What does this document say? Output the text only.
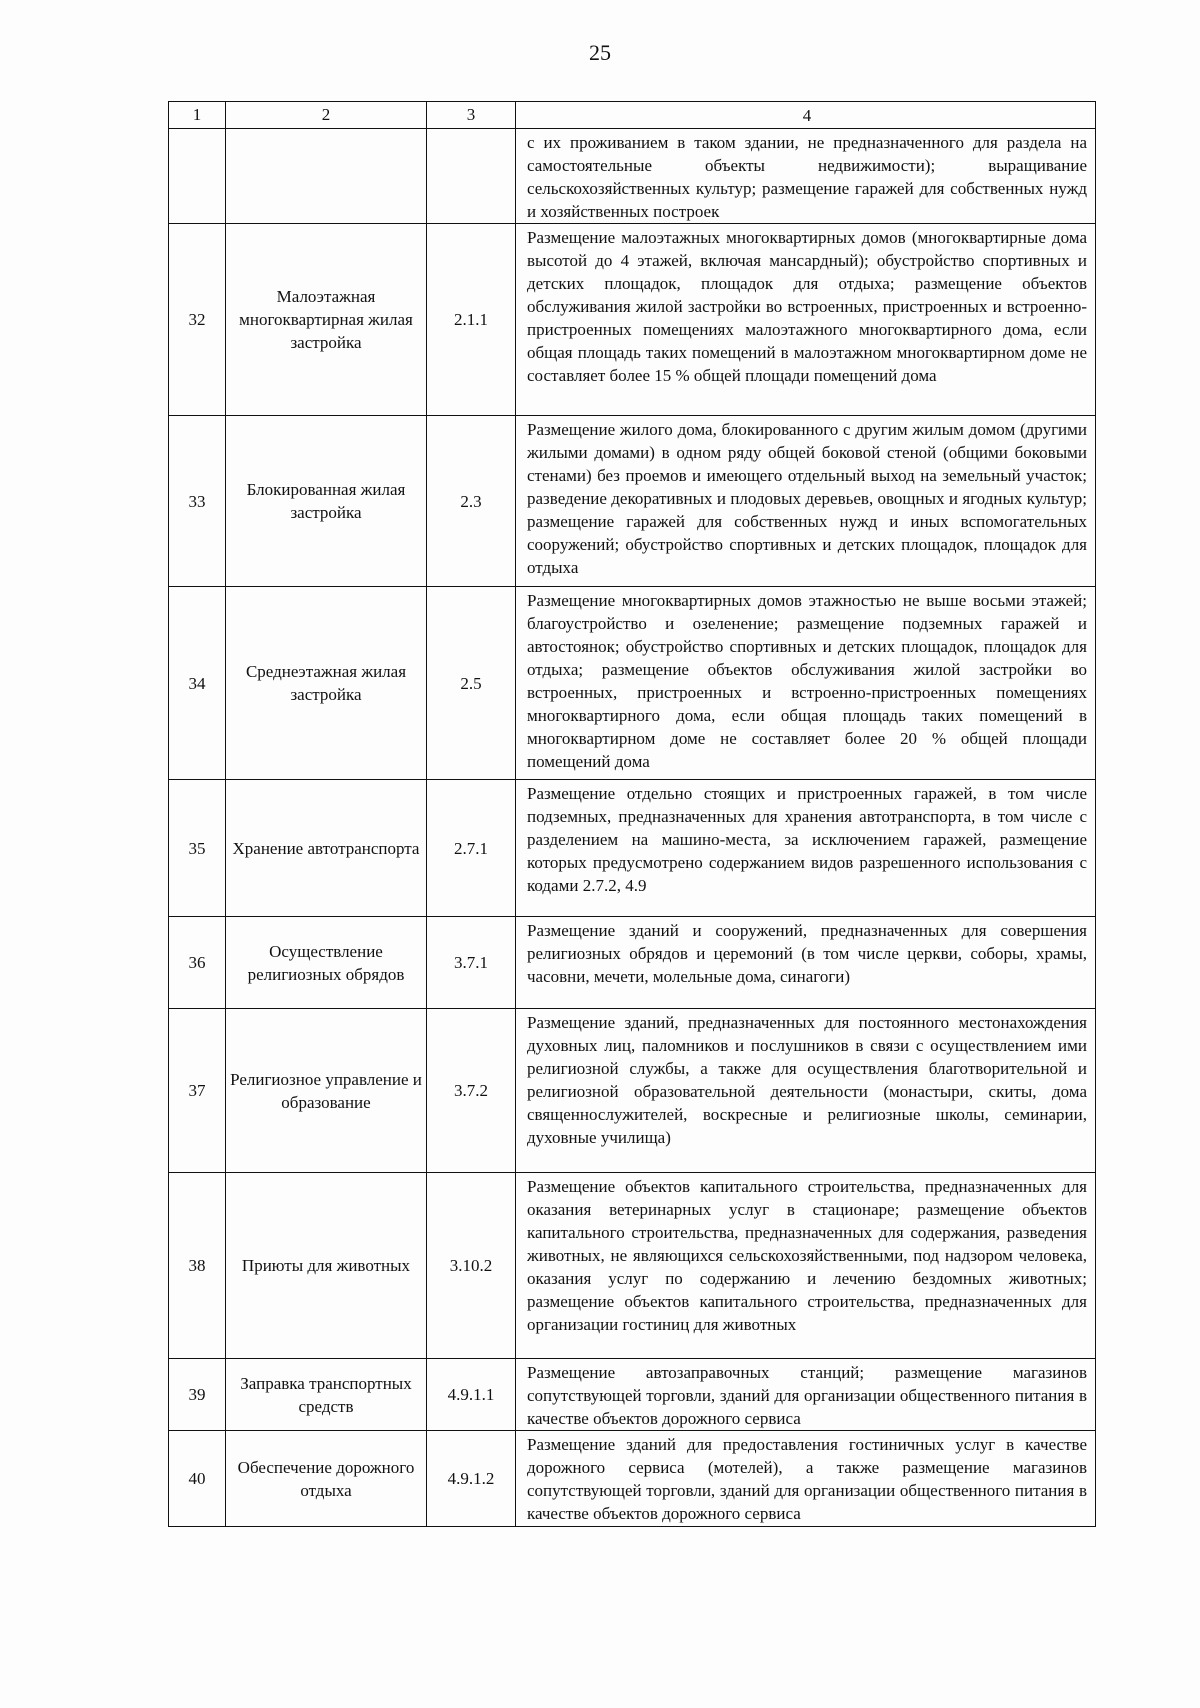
25
1	2	3	4
			с их проживанием в таком здании, не предназначенного для раздела на самостоятельные объекты недвижимости); выращивание сельскохозяйственных культур; размещение гаражей для собственных нужд и хозяйственных построек
32	Малоэтажная многоквартирная жилая застройка	2.1.1	Размещение малоэтажных многоквартирных домов (многоквартирные дома высотой до 4 этажей, включая мансардный); обустройство спортивных и детских площадок, площадок для отдыха; размещение объектов обслуживания жилой застройки во встроенных, пристроенных и встроенно-пристроенных помещениях малоэтажного многоквартирного дома, если общая площадь таких помещений в малоэтажном многоквартирном доме не составляет более 15 % общей площади помещений дома
33	Блокированная жилая застройка	2.3	Размещение жилого дома, блокированного с другим жилым домом (другими жилыми домами) в одном ряду общей боковой стеной (общими боковыми стенами) без проемов и имеющего отдельный выход на земельный участок; разведение декоративных и плодовых деревьев, овощных и ягодных культур; размещение гаражей для собственных нужд и иных вспомогательных сооружений; обустройство спортивных и детских площадок, площадок для отдыха
34	Среднеэтажная жилая застройка	2.5	Размещение многоквартирных домов этажностью не выше восьми этажей; благоустройство и озеленение; размещение подземных гаражей и автостоянок; обустройство спортивных и детских площадок, площадок для отдыха; размещение объектов обслуживания жилой застройки во встроенных, пристроенных и встроенно-пристроенных помещениях многоквартирного дома, если общая площадь таких помещений в многоквартирном доме не составляет более 20 % общей площади помещений дома
35	Хранение автотранспорта	2.7.1	Размещение отдельно стоящих и пристроенных гаражей, в том числе подземных, предназначенных для хранения автотранспорта, в том числе с разделением на машино-места, за исключением гаражей, размещение которых предусмотрено содержанием видов разрешенного использования с кодами 2.7.2, 4.9
36	Осуществление религиозных обрядов	3.7.1	Размещение зданий и сооружений, предназначенных для совершения религиозных обрядов и церемоний (в том числе церкви, соборы, храмы, часовни, мечети, молельные дома, синагоги)
37	Религиозное управление и образование	3.7.2	Размещение зданий, предназначенных для постоянного местонахождения духовных лиц, паломников и послушников в связи с осуществлением ими религиозной службы, а также для осуществления благотворительной и религиозной образовательной деятельности (монастыри, скиты, дома священнослужителей, воскресные и религиозные школы, семинарии, духовные училища)
38	Приюты для животных	3.10.2	Размещение объектов капитального строительства, предназначенных для оказания ветеринарных услуг в стационаре; размещение объектов капитального строительства, предназначенных для содержания, разведения животных, не являющихся сельскохозяйственными, под надзором человека, оказания услуг по содержанию и лечению бездомных животных; размещение объектов капитального строительства, предназначенных для организации гостиниц для животных
39	Заправка транспортных средств	4.9.1.1	Размещение автозаправочных станций; размещение магазинов сопутствующей торговли, зданий для организации общественного питания в качестве объектов дорожного сервиса
40	Обеспечение дорожного отдыха	4.9.1.2	Размещение зданий для предоставления гостиничных услуг в качестве дорожного сервиса (мотелей), а также размещение магазинов сопутствующей торговли, зданий для организации общественного питания в качестве объектов дорожного сервиса
